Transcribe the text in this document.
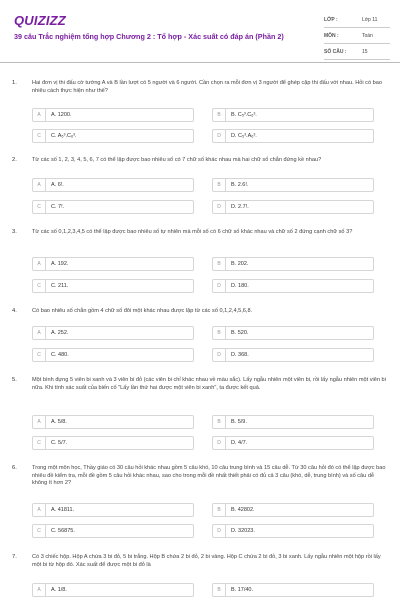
QUIZIZZ
39 câu Trắc nghiệm tổng hợp Chương 2 : Tổ hợp - Xác suất có đáp án (Phần 2)
LỚP :	Lớp 11
MÔN :	Toán
SỐ CÂU :	15
1.	Hai đơn vị thi đấu cờ tướng A và B lần lượt có 5 người và 6 người. Cần chọn ra mỗi đơn vị 3 người để ghép cặp thi đấu với nhau. Hỏi có bao nhiêu cách thực hiện như thế?
A	A. 1200.	B	B. C₅³.C₆³.
C	C. A₅³.C₆³.	D	D. C₅³.A₆³.
2.	Từ các số 1, 2, 3, 4, 5, 6, 7 có thể lập được bao nhiêu số có 7 chữ số khác nhau mà hai chữ số chẵn đứng kề nhau?
A	A. 6!.	B	B. 2.6!.
C	C. 7!.	D	D. 2.7!.
3.	Từ các số 0,1,2,3,4,5 có thể lập được bao nhiêu số tự nhiên mà mỗi số có 6 chữ số khác nhau và chữ số 2 đứng cạnh chữ số 3?
A	A. 192.	B	B. 202.
C	C. 211.	D	D. 180.
4.	Có bao nhiêu số chẵn gồm 4 chữ số đôi một khác nhau được lập từ các số 0,1,2,4,5,6,8.
A	A. 252.	B	B. 520.
C	C. 480.	D	D. 368.
5.	Một bình đựng 5 viên bi xanh và 3 viên bi đỏ (các viên bi chỉ khác nhau về màu sắc). Lấy ngẫu nhiên một viên bi, rồi lấy ngẫu nhiên một viên bi nữa. Khi tính xác suất của biến cố "Lấy lần thứ hai được một viên bi xanh", ta được kết quả.
A	A. 5/8.	B	B. 5/9.
C	C. 5/7.	D	D. 4/7.
6.	Trong một môn học, Thầy giáo có 30 câu hỏi khác nhau gồm 5 câu khó, 10 câu trung bình và 15 câu dễ. Từ 30 câu hỏi đó có thể lập được bao nhiêu đề kiểm tra, mỗi đề gồm 5 câu hỏi khác nhau, sao cho trong mỗi đề nhất thiết phải có đủ cả 3 câu (khó, dễ, trung bình) và số câu dễ không ít hơn 2?
A	A. 41811.	B	B. 42802.
C	C. 56875.	D	D. 32023.
7.	Có 3 chiếc hộp. Hộp A chứa 3 bi đỏ, 5 bi trắng. Hộp B chứa 2 bi đỏ, 2 bi vàng. Hộp C chứa 2 bi đỏ, 3 bi xanh. Lấy ngẫu nhiên một hộp rồi lấy một bi từ hộp đó. Xác suất để được một bi đỏ là
A	A. 1/8.	B	B. 17/40.
